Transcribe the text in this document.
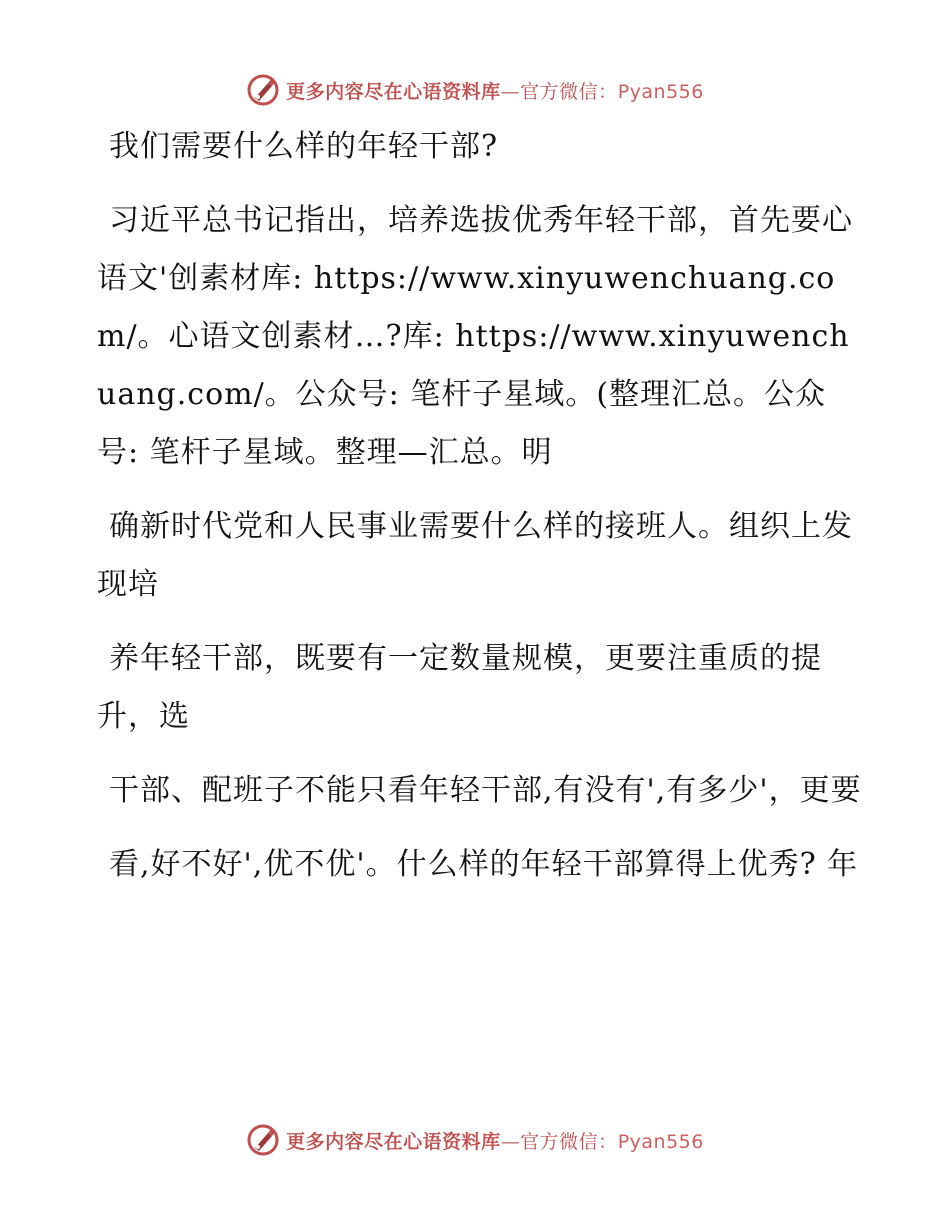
更多内容尽在心语资料库—官方微信：Pyan556

我们需要什么样的年轻干部?

习近平总书记指出，培养选拔优秀年轻干部，首先要心语文'创素材库: https://www.xinyuwenchuang.com/。心语文创素材…?库: https://www.xinyuwenchuang.com/。公众号: 笔杆子星域。(整理汇总。公众号: 笔杆子星域。整理—汇总。明

确新时代党和人民事业需要什么样的接班人。组织上发现培

养年轻干部，既要有一定数量规模，更要注重质的提升，选

干部、配班子不能只看年轻干部,有没有',有多少'，更要

看,好不好',优不优'。什么样的年轻干部算得上优秀? 年

更多内容尽在心语资料库—官方微信：Pyan556
